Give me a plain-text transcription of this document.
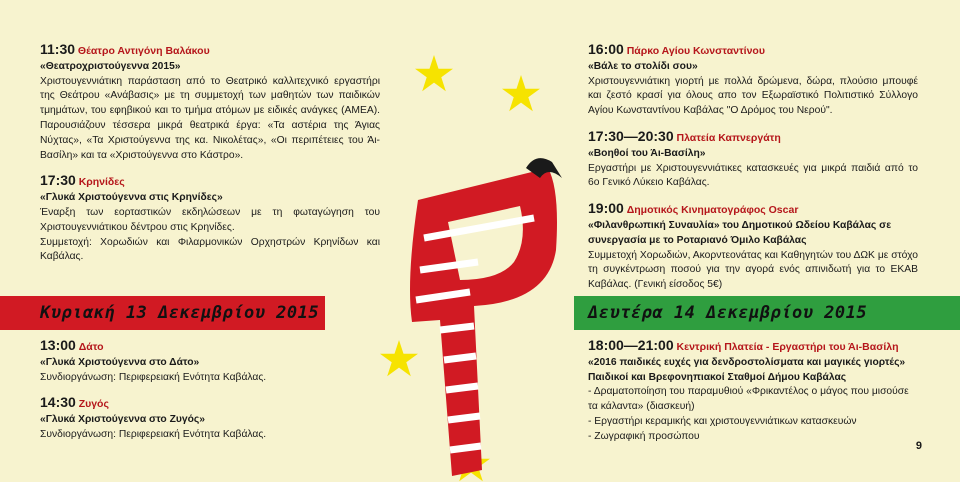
11:30 Θέατρο Αντιγόνη Βαλάκου
«Θεατροχριστούγεννα 2015»
Χριστουγεννιάτικη παράσταση από το Θεατρικό καλλιτεχνικό εργαστήρι της Θεάτρου «Ανάβασις» με τη συμμετοχή των μαθητών των παιδικών τμημάτων, του εφηβικού και το τμήμα ατόμων με ειδικές ανάγκες (ΑΜΕΑ). Παρουσιάζουν τέσσερα μικρά θεατρικά έργα: «Τα αστέρια της Άγιας Νύχτας», «Τα Χριστούγεννα της κα. Νικολέτας», «Οι περιπέτειες του Άι-Βασίλη» και τα «Χριστούγεννα στο Κάστρο».
17:30 Κρηνίδες
«Γλυκά Χριστούγεννα στις Κρηνίδες»
Έναρξη των εορταστικών εκδηλώσεων με τη φωταγώγηση του Χριστουγεννιάτικου δέντρου στις Κρηνίδες.
Συμμετοχή: Χορωδιών και Φιλαρμονικών Ορχηστρών Κρηνίδων και Καβάλας.
Κυριακή 13 Δεκεμβρίου 2015	Δευτέρα 14 Δεκεμβρίου 2015
13:00 Δάτο
«Γλυκά Χριστούγεννα στο Δάτο»
Συνδιοργάνωση: Περιφερειακή Ενότητα Καβάλας.
14:30 Ζυγός
«Γλυκά Χριστούγεννα στο Ζυγός»
Συνδιοργάνωση: Περιφερειακή Ενότητα Καβάλας.
16:00 Πάρκο Αγίου Κωνσταντίνου
«Βάλε το στολίδι σου»
Χριστουγεννιάτικη γιορτή με πολλά δρώμενα, δώρα, πλούσιο μπουφέ και ζεστό κρασί για όλους απο τον Εξωραϊστικό Πολιτιστικό Σύλλογο Αγίου Κωνσταντίνου Καβάλας "Ο Δρόμος του Νερού".
17:30—20:30 Πλατεία Καπνεργάτη
«Βοηθοί του Άι-Βασίλη»
Εργαστήρι με Χριστουγεννιάτικες κατασκευές για μικρά παιδιά από το 6ο Γενικό Λύκειο Καβάλας.
19:00 Δημοτικός Κινηματογράφος Oscar
«Φιλανθρωπική Συναυλία» του Δημοτικού Ωδείου Καβάλας σε συνεργασία με το Ροταριανό Όμιλο Καβάλας
Συμμετοχή Χορωδιών, Ακορντεονάτας και Καθηγητών του ΔΩΚ με στόχο τη συγκέντρωση ποσού για την αγορά ενός απινιδωτή για το ΕΚΑΒ Καβάλας. (Γενική είσοδος 5€)
18:00—21:00 Κεντρική Πλατεία - Εργαστήρι του Άι-Βασίλη
«2016 παιδικές ευχές για δενδροστολίσματα και μαγικές γιορτές»
Παιδικοί και Βρεφονηπιακοί Σταθμοί Δήμου Καβάλας
- Δραματοποίηση του παραμυθιού «Φρικαντέλος ο μάγος που μισούσε τα κάλαντα» (διασκευή)
- Εργαστήρι κεραμικής και χριστουγεννιάτικων κατασκευών
- Ζωγραφική προσώπου
9
